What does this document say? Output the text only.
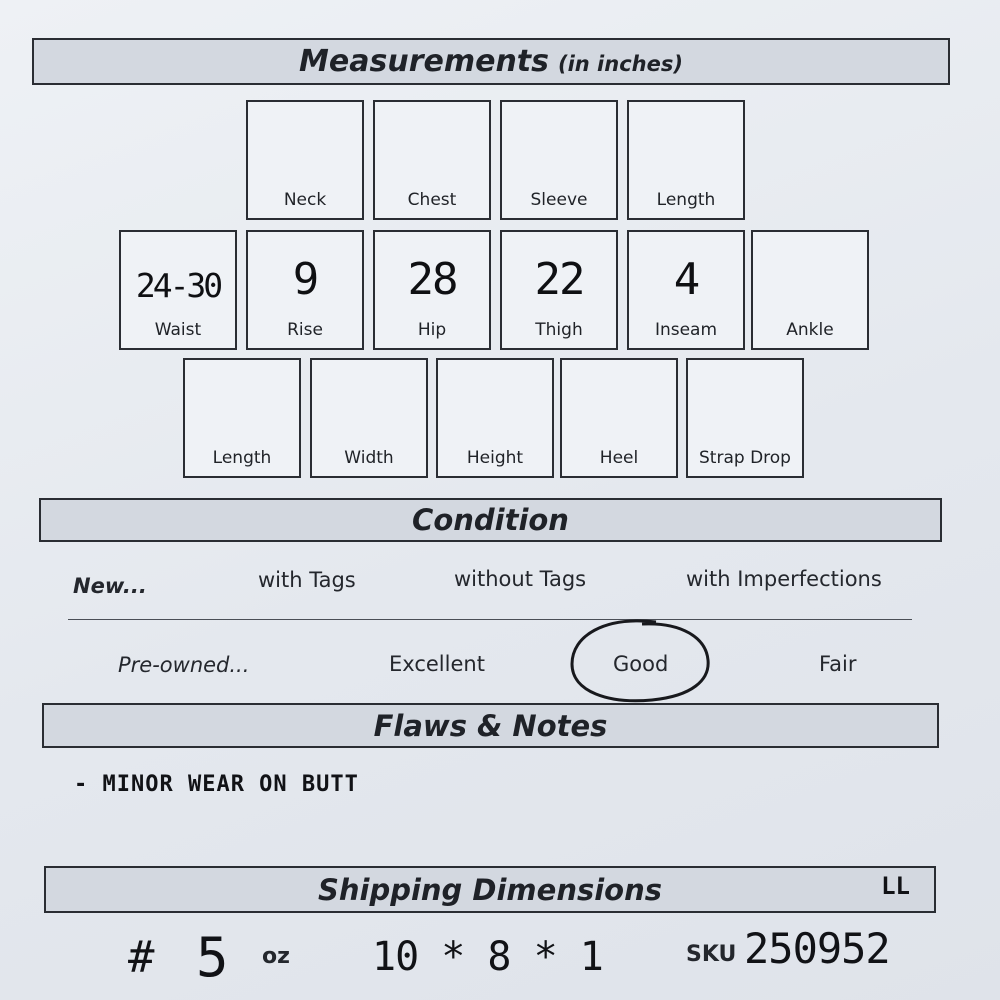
Measurements (in inches)
Neck	Chest	Sleeve	Length
24-30
Waist
9
Rise
28
Hip
22
Thigh
4
Inseam	Ankle
Length	Width	Height	Heel	Strap Drop
Condition
New...	with Tags	without Tags	with Imperfections
Pre-owned...	Excellent	Good	Fair
Flaws & Notes
- MINOR WEAR ON BUTT
Shipping Dimensions	LL
# 5 oz 10 * 8 * 1	SKU 250952
